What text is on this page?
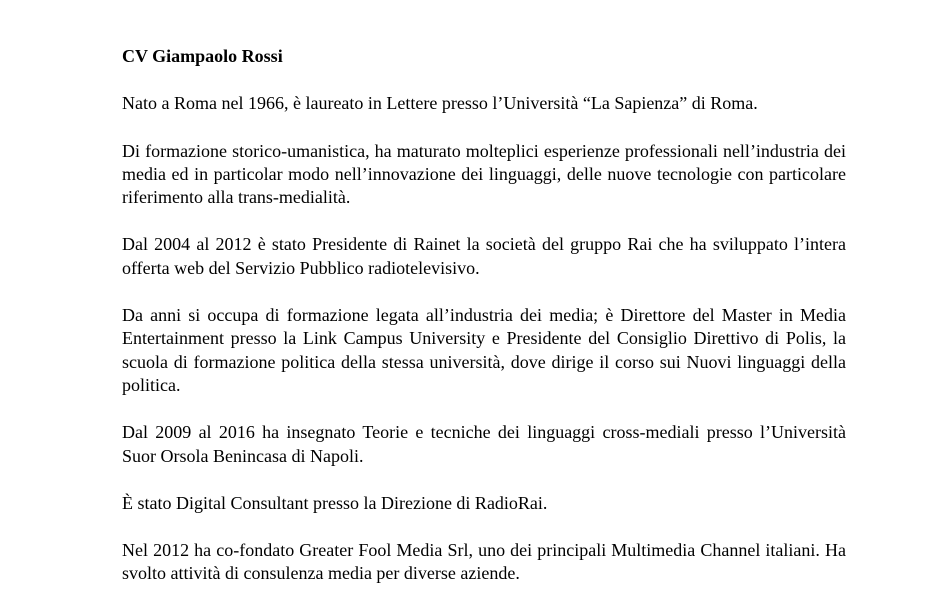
CV Giampaolo Rossi

Nato a Roma nel 1966, è laureato in Lettere presso l’Università “La Sapienza” di Roma.

Di formazione storico-umanistica, ha maturato molteplici esperienze professionali nell’industria dei media ed in particolar modo nell’innovazione dei linguaggi, delle nuove tecnologie con particolare riferimento alla trans-medialità.

Dal 2004 al 2012 è stato Presidente di Rainet la società del gruppo Rai che ha sviluppato l’intera offerta web del Servizio Pubblico radiotelevisivo.

Da anni si occupa di formazione legata all’industria dei media; è Direttore del Master in Media Entertainment presso la Link Campus University e Presidente del Consiglio Direttivo di Polis, la scuola di formazione politica della stessa università, dove dirige il corso sui Nuovi linguaggi della politica.

Dal 2009 al 2016 ha insegnato Teorie e tecniche dei linguaggi cross-mediali presso l’Università Suor Orsola Benincasa di Napoli.

È stato Digital Consultant presso la Direzione di RadioRai.

Nel 2012 ha co-fondato Greater Fool Media Srl, uno dei principali Multimedia Channel italiani. Ha svolto attività di consulenza media per diverse aziende.
